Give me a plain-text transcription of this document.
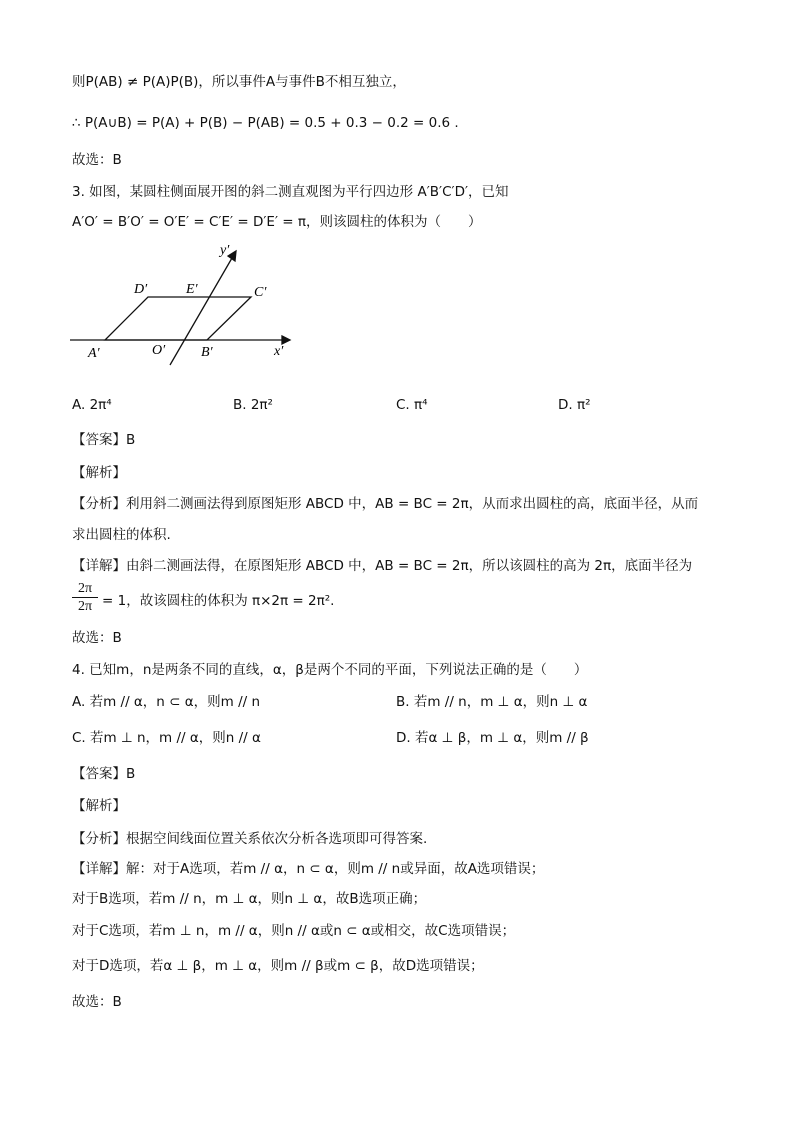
则P(AB) ≠ P(A)P(B)，所以事件A与事件B不相互独立，
∴ P(A∪B) = P(A) + P(B) − P(AB) = 0.5 + 0.3 − 0.2 = 0.6 .
故选：B
3. 如图，某圆柱侧面展开图的斜二测直观图为平行四边形 A′B′C′D′，已知
A′O′ = B′O′ = O′E′ = C′E′ = D′E′ = π，则该圆柱的体积为（　　）
y′
x′
D′	E′	C′
A′	O′	B′
A. 2π⁴	B. 2π²	C. π⁴	D. π²
【答案】B
【解析】
【分析】利用斜二测画法得到原图矩形 ABCD 中，AB = BC = 2π，从而求出圆柱的高，底面半径，从而
求出圆柱的体积.
【详解】由斜二测画法得，在原图矩形 ABCD 中，AB = BC = 2π，所以该圆柱的高为 2π，底面半径为
$\frac{2\pi}{2\pi} = 1$，故该圆柱的体积为 π×2π = 2π².
故选：B
4. 已知m，n是两条不同的直线，α，β是两个不同的平面，下列说法正确的是（　　）
A. 若m // α，n ⊂ α，则m // n	B. 若m // n，m ⊥ α，则n ⊥ α
C. 若m ⊥ n，m // α，则n // α	D. 若α ⊥ β，m ⊥ α，则m // β
【答案】B
【解析】
【分析】根据空间线面位置关系依次分析各选项即可得答案.
【详解】解：对于A选项，若m // α，n ⊂ α，则m // n或异面，故A选项错误；
对于B选项，若m // n，m ⊥ α，则n ⊥ α，故B选项正确；
对于C选项，若m ⊥ n，m // α，则n // α或n ⊂ α或相交，故C选项错误；
对于D选项，若α ⊥ β，m ⊥ α，则m // β或m ⊂ β，故D选项错误；
故选：B
